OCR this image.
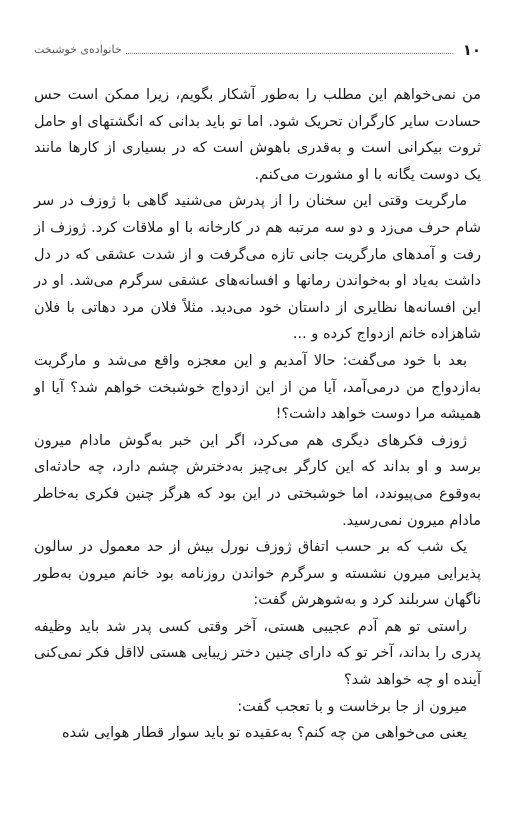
۱۰
خانواده‌ی خوشبخت

من نمی‌خواهم این مطلب را به‌طور آشکار بگویم، زیرا ممکن است حس حسادت سایر کارگران تحریک شود. اما تو باید بدانی که انگشتهای او حامل ثروت بیکرانی است و به‌قدری باهوش است که در بسیاری از کارها مانند یک دوست یگانه با او مشورت می‌کنم.

مارگریت وقتی این سخنان را از پدرش می‌شنید گاهی با ژوزف در سر شام حرف می‌زد و دو سه مرتبه هم در کارخانه با او ملاقات کرد. ژوزف از رفت و آمدهای مارگریت جانی تازه می‌گرفت و از شدت عشقی که در دل داشت به‌یاد او به‌خواندن رمانها و افسانه‌های عشقی سرگرم می‌شد. او در این افسانه‌ها نظایری از داستان خود می‌دید. مثلاً فلان مرد دهاتی با فلان شاهزاده خانم ازدواج کرده و ...

بعد با خود می‌گفت: حالا آمدیم و این معجزه واقع می‌شد و مارگریت به‌ازدواج من درمی‌آمد، آیا من از این ازدواج خوشبخت خواهم شد؟ آیا او همیشه مرا دوست خواهد داشت؟!

ژوزف فکرهای دیگری هم می‌کرد، اگر این خبر به‌گوش مادام میرون برسد و او بداند که این کارگر بی‌چیز به‌دخترش چشم دارد، چه حادثه‌ای به‌وقوع می‌پیوندد، اما خوشبختی در این بود که هرگز چنین فکری به‌خاطر مادام میرون نمی‌رسید.

یک شب که بر حسب اتفاق ژوزف نورل بیش از حد معمول در سالون پذیرایی میرون نشسته و سرگرم خواندن روزنامه بود خانم میرون به‌طور ناگهان سربلند کرد و به‌شوهرش گفت:

راستی تو هم آدم عجیبی هستی، آخر وقتی کسی پدر شد باید وظیفه پدری را بداند، آخر تو که دارای چنین دختر زیبایی هستی لااقل فکر نمی‌کنی آینده او چه خواهد شد؟

میرون از جا برخاست و با تعجب گفت:

یعنی می‌خواهی من چه کنم؟ به‌عقیده تو باید سوار قطار هوایی شده
